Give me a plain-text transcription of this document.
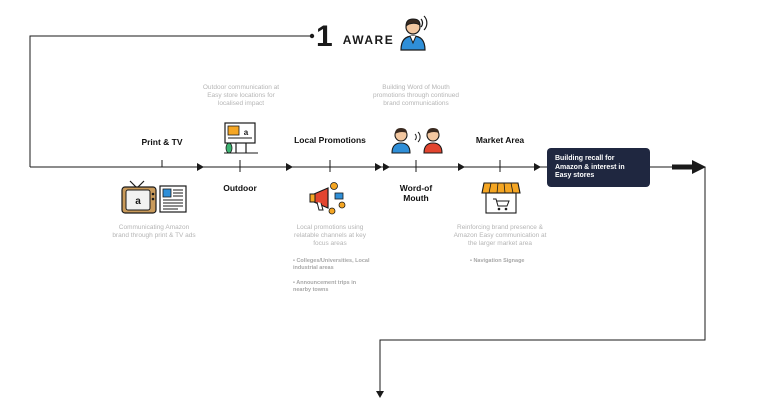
1 AWARE
Print & TV
a
Communicating Amazon brand through print & TV ads
Outdoor communication at Easy store locations for localised impact
a
Outdoor
Local Promotions
Local promotions using relatable channels at key focus areas
• Colleges/Universities, Local industrial areas
• Announcement trips in nearby towns
Building Word of Mouth promotions through continued brand communications
Word-of Mouth
Market Area
Reinforcing brand presence & Amazon Easy communication at the larger market area
• Navigation Signage
Building recall for Amazon & interest in Easy stores
